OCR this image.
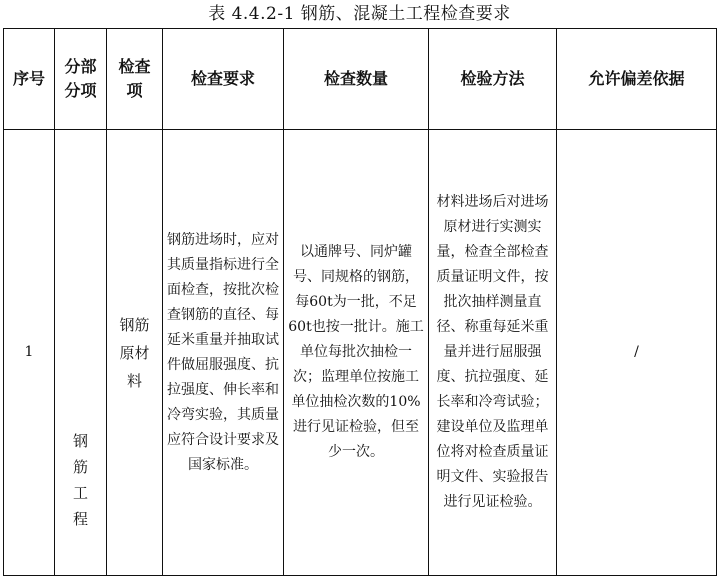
表 4.4.2-1 钢筋、混凝土工程检查要求
序号	分部分项	检查项	检查要求	检查数量	检验方法	允许偏差依据
1	钢筋工程	钢筋原材料	钢筋进场时，应对其质量指标进行全面检查，按批次检查钢筋的直径、每延米重量并抽取试件做屈服强度、抗拉强度、伸长率和冷弯实验，其质量应符合设计要求及国家标准。	以通牌号、同炉罐号、同规格的钢筋，每60t为一批，不足60t也按一批计。施工单位每批次抽检一次；监理单位按施工单位抽检次数的10%进行见证检验，但至少一次。	材料进场后对进场原材进行实测实量，检查全部检查质量证明文件，按批次抽样测量直径、称重每延米重量并进行屈服强度、抗拉强度、延长率和冷弯试验；建设单位及监理单位将对检查质量证明文件、实验报告进行见证检验。	/
